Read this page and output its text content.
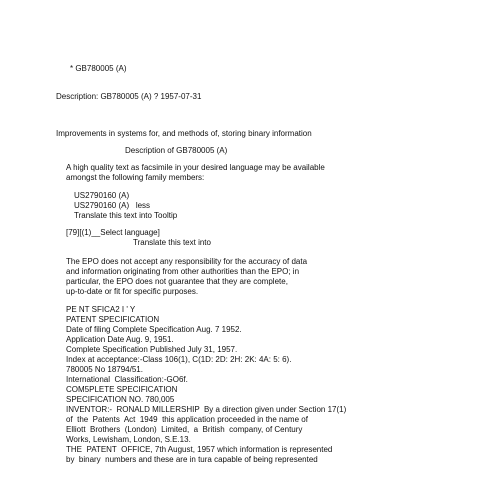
* GB780005 (A)

Description: GB780005 (A) ? 1957-07-31

Improvements in systems for, and methods of, storing binary information

Description of GB780005 (A)

A high quality text as facsimile in your desired language may be available

amongst the following family members:

US2790160 (A)

US2790160 (A)   less

Translate this text into Tooltip

[79][(1)__Select language]

Translate this text into

The EPO does not accept any responsibility for the accuracy of data

and information originating from other authorities than the EPO; in

particular, the EPO does not guarantee that they are complete,

up-to-date or fit for specific purposes.

PE NT SFICA2 I ' Y

PATENT SPECIFICATION

Date of filing Complete Specification Aug. 7 1952.

Application Date Aug. 9, 1951.

Complete Specification Published July 31, 1957.

Index at acceptance:-Class 106(1), C(1D: 2D: 2H: 2K: 4A: 5: 6).

780005 No 18794/51.

International  Classification:-GO6f.

COM5PLETE SPECIFICATION

SPECIFICATION NO. 780,005

INVENTOR:-  RONALD MILLERSHIP  By a direction given under Section 17(1)

of  the  Patents  Act  1949  this application proceeded in the name of

Elliott  Brothers  (London)  Limited,  a  British  company, of Century

Works, Lewisham, London, S.E.13.

THE  PATENT  OFFICE, 7th August, 1957 which information is represented

by  binary  numbers and these are in tura capable of being represented
